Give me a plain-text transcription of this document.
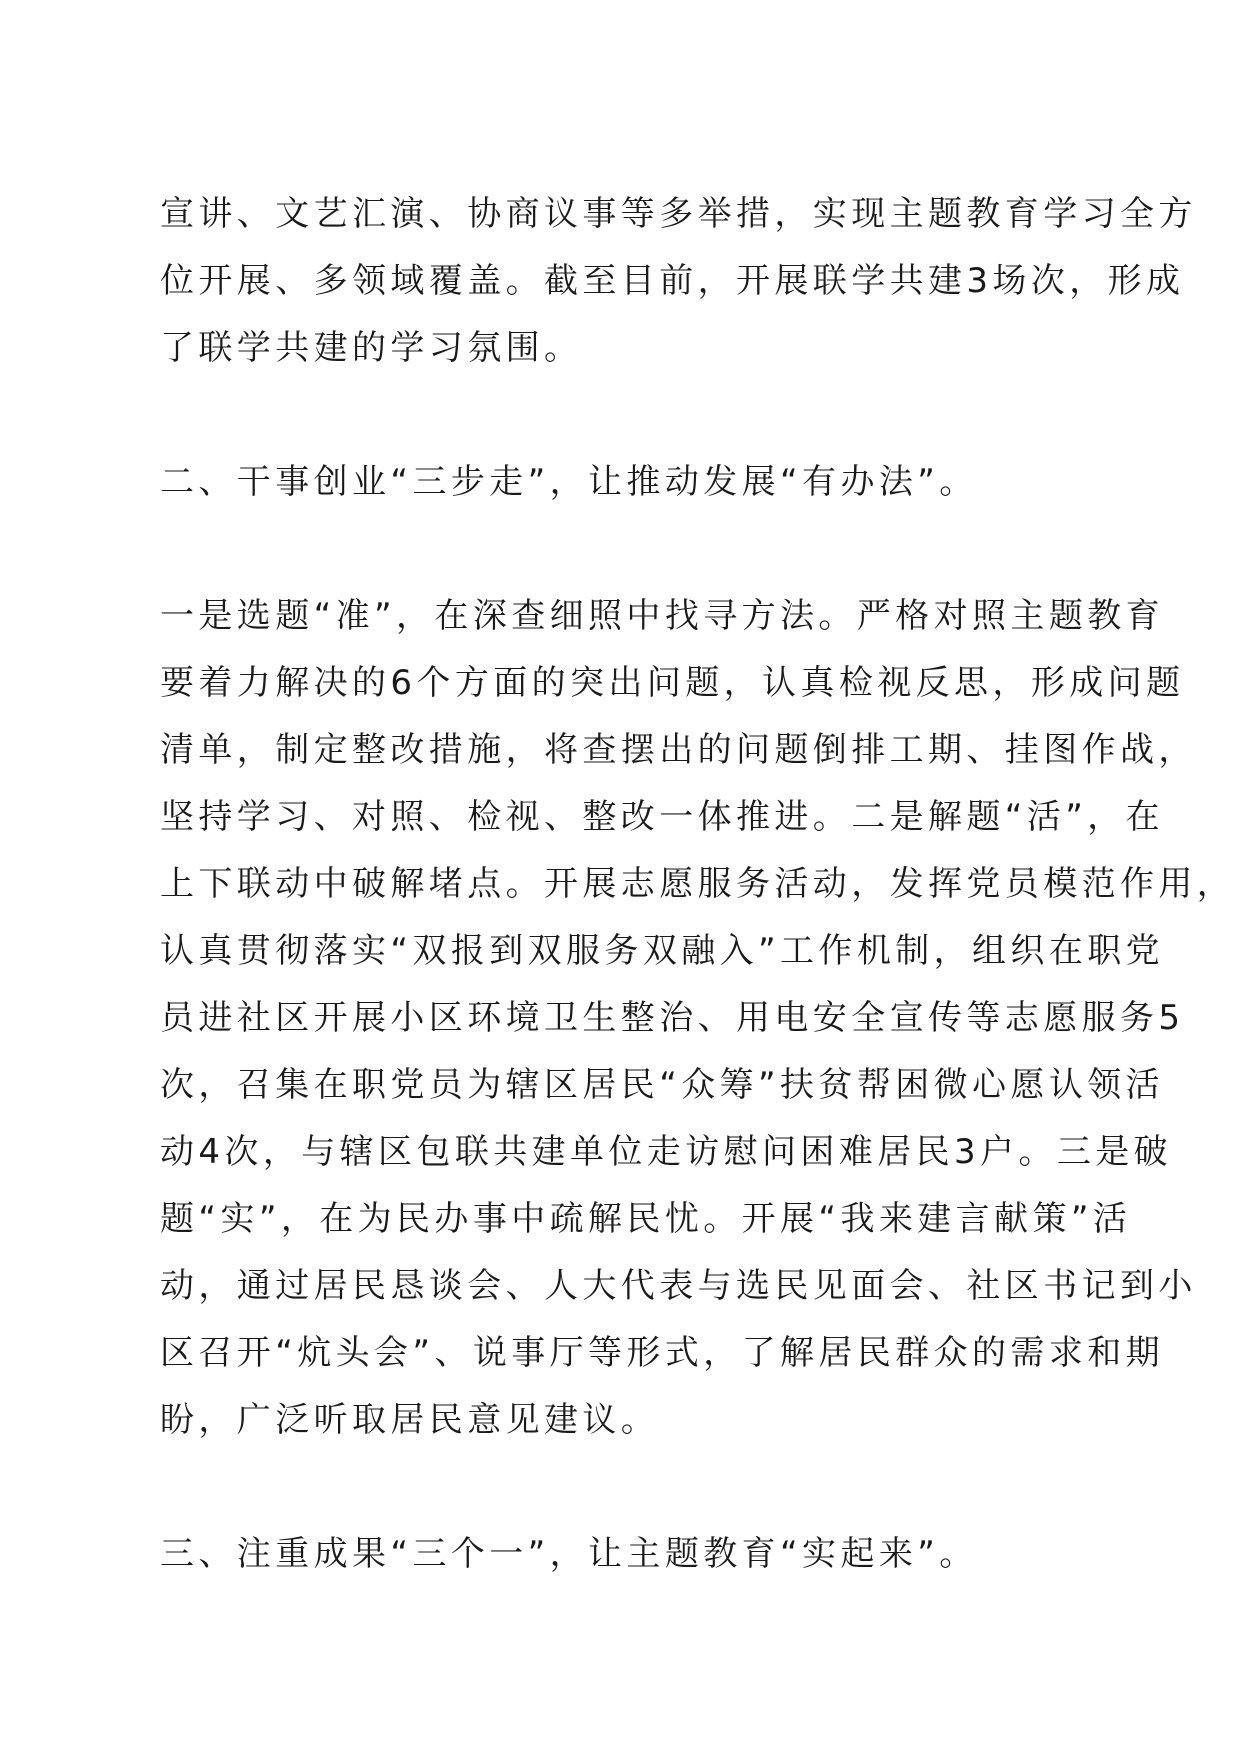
宣讲、文艺汇演、协商议事等多举措，实现主题教育学习全方

位开展、多领域覆盖。截至目前，开展联学共建3场次，形成

了联学共建的学习氛围。

二、干事创业“三步走”，让推动发展“有办法”。

一是选题“准”，在深查细照中找寻方法。严格对照主题教育

要着力解决的6个方面的突出问题，认真检视反思，形成问题

清单，制定整改措施，将查摆出的问题倒排工期、挂图作战，

坚持学习、对照、检视、整改一体推进。二是解题“活”，在

上下联动中破解堵点。开展志愿服务活动，发挥党员模范作用，

认真贯彻落实“双报到双服务双融入”工作机制，组织在职党

员进社区开展小区环境卫生整治、用电安全宣传等志愿服务5

次，召集在职党员为辖区居民“众筹”扶贫帮困微心愿认领活

动4次，与辖区包联共建单位走访慰问困难居民3户。三是破

题“实”，在为民办事中疏解民忧。开展“我来建言献策”活

动，通过居民恳谈会、人大代表与选民见面会、社区书记到小

区召开“炕头会”、说事厅等形式，了解居民群众的需求和期

盼，广泛听取居民意见建议。

三、注重成果“三个一”，让主题教育“实起来”。
